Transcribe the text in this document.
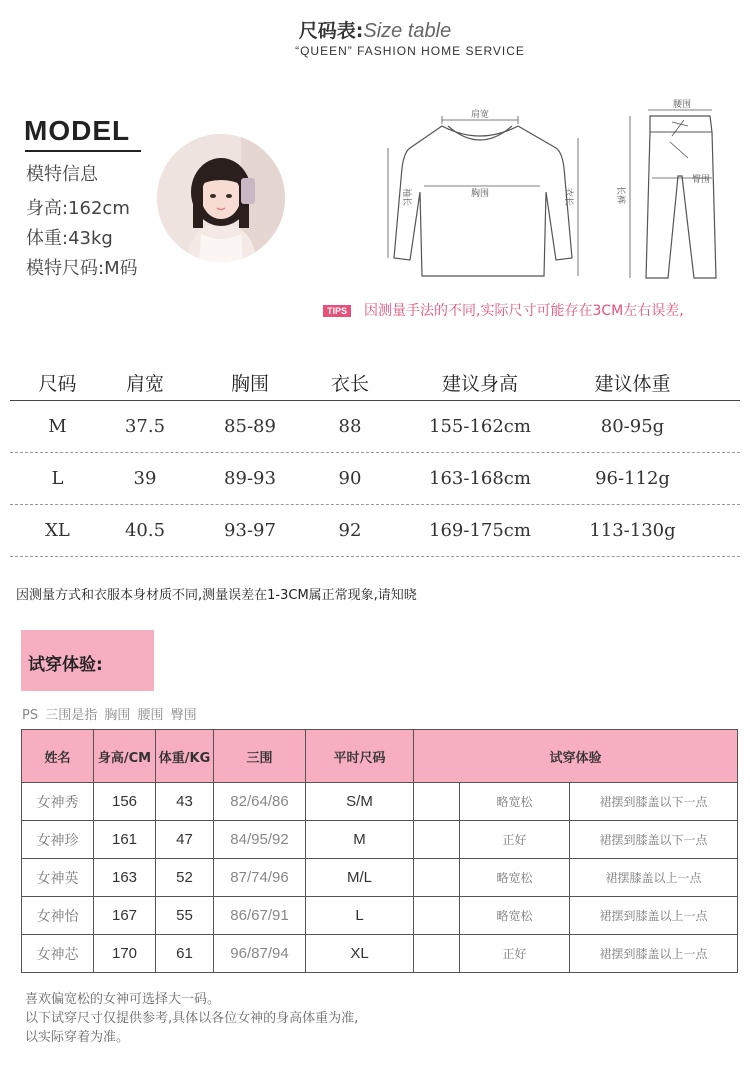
尺码表:Size table
“QUEEN” FASHION HOME SERVICE
MODEL
模特信息
身高:162cm
体重:43kg
模特尺码:M码
肩宽
胸围
袖长	衣长
腰围
臀围
长裤
TIPS 因测量手法的不同,实际尺寸可能存在3CM左右误差,
尺码	肩宽	胸围	衣长	建议身高	建议体重
M	37.5	85-89	88	155-162cm	80-95g
L	39	89-93	90	163-168cm	96-112g
XL	40.5	93-97	92	169-175cm	113-130g
因测量方式和衣服本身材质不同,测量误差在1-3CM属正常现象,请知晓
试穿体验:
PS 三围是指 胸围 腰围 臀围
姓名	身高/CM	体重/KG	三围	平时尺码	试穿体验		
女神秀	156	43	82/64/86	S/M		略宽松	裙摆到膝盖以下一点
女神珍	161	47	84/95/92	M		正好	裙摆到膝盖以下一点
女神英	163	52	87/74/96	M/L		略宽松	裙摆膝盖以上一点
女神怡	167	55	86/67/91	L		略宽松	裙摆到膝盖以上一点
女神芯	170	61	96/87/94	XL		正好	裙摆到膝盖以上一点
喜欢偏宽松的女神可选择大一码。
以下试穿尺寸仅提供参考,具体以各位女神的身高体重为准,
以实际穿着为准。
